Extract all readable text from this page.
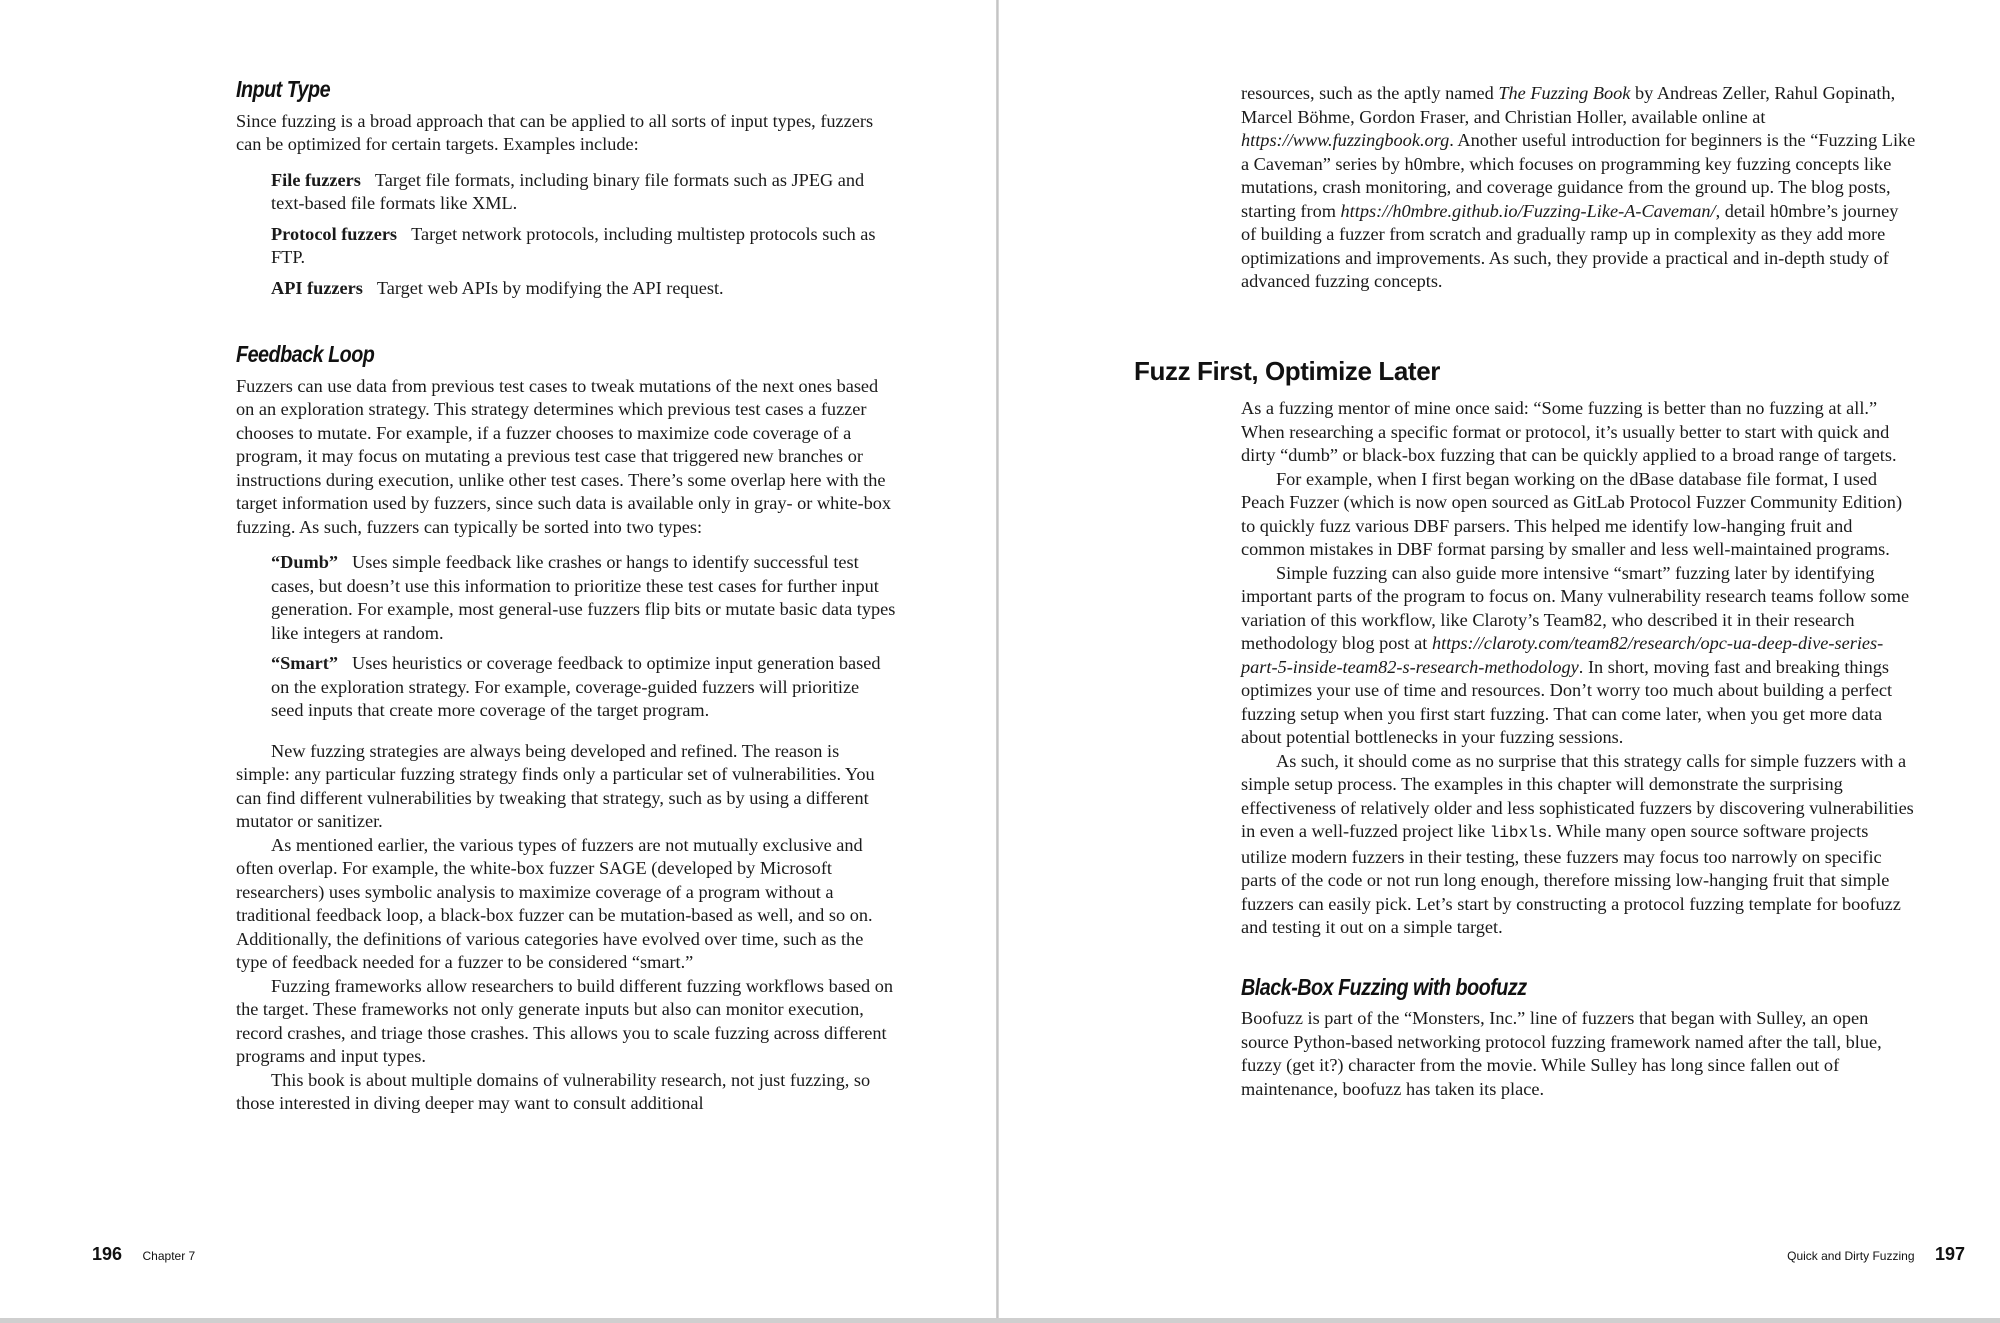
Input Type

Since fuzzing is a broad approach that can be applied to all sorts of input types, fuzzers can be optimized for certain targets. Examples include:

File fuzzers Target file formats, including binary file formats such as JPEG and text-based file formats like XML.
Protocol fuzzers Target network protocols, including multistep protocols such as FTP.
API fuzzers Target web APIs by modifying the API request.
Feedback Loop

Fuzzers can use data from previous test cases to tweak mutations of the next ones based on an exploration strategy. This strategy determines which previous test cases a fuzzer chooses to mutate. For example, if a fuzzer chooses to maximize code coverage of a program, it may focus on mutating a previous test case that triggered new branches or instructions during execution, unlike other test cases. There’s some overlap here with the target information used by fuzzers, since such data is available only in gray- or white-box fuzzing. As such, fuzzers can typically be sorted into two types:

“Dumb” Uses simple feedback like crashes or hangs to identify successful test cases, but doesn’t use this information to prioritize these test cases for further input generation. For example, most general-use fuzzers flip bits or mutate basic data types like integers at random.
“Smart” Uses heuristics or coverage feedback to optimize input generation based on the exploration strategy. For example, coverage-guided fuzzers will prioritize seed inputs that create more coverage of the target program.

New fuzzing strategies are always being developed and refined. The reason is simple: any particular fuzzing strategy finds only a particular set of vulnerabilities. You can find different vulnerabilities by tweaking that strategy, such as by using a different mutator or sanitizer.

As mentioned earlier, the various types of fuzzers are not mutually exclusive and often overlap. For example, the white-box fuzzer SAGE (developed by Microsoft researchers) uses symbolic analysis to maximize coverage of a program without a traditional feedback loop, a black-box fuzzer can be mutation-based as well, and so on. Additionally, the definitions of various categories have evolved over time, such as the type of feedback needed for a fuzzer to be considered “smart.”

Fuzzing frameworks allow researchers to build different fuzzing workflows based on the target. These frameworks not only generate inputs but also can monitor execution, record crashes, and triage those crashes. This allows you to scale fuzzing across different programs and input types.

This book is about multiple domains of vulnerability research, not just fuzzing, so those interested in diving deeper may want to consult additional

196 Chapter 7

resources, such as the aptly named The Fuzzing Book by Andreas Zeller, Rahul Gopinath, Marcel Böhme, Gordon Fraser, and Christian Holler, available online at https://www.fuzzingbook.org. Another useful introduction for beginners is the “Fuzzing Like a Caveman” series by h0mbre, which focuses on programming key fuzzing concepts like mutations, crash monitoring, and coverage guidance from the ground up. The blog posts, starting from https://h0mbre.github.io/Fuzzing-Like-A-Caveman/, detail h0mbre’s journey of building a fuzzer from scratch and gradually ramp up in complexity as they add more optimizations and improvements. As such, they provide a practical and in-depth study of advanced fuzzing concepts.

Fuzz First, Optimize Later

As a fuzzing mentor of mine once said: “Some fuzzing is better than no fuzzing at all.” When researching a specific format or protocol, it’s usually better to start with quick and dirty “dumb” or black-box fuzzing that can be quickly applied to a broad range of targets.

For example, when I first began working on the dBase database file format, I used Peach Fuzzer (which is now open sourced as GitLab Protocol Fuzzer Community Edition) to quickly fuzz various DBF parsers. This helped me identify low-hanging fruit and common mistakes in DBF format parsing by smaller and less well-maintained programs.

Simple fuzzing can also guide more intensive “smart” fuzzing later by identifying important parts of the program to focus on. Many vulnerability research teams follow some variation of this workflow, like Claroty’s Team82, who described it in their research methodology blog post at https://claroty.com/team82/research/opc-ua-deep-dive-series-part-5-inside-team82-s-research-methodology. In short, moving fast and breaking things optimizes your use of time and resources. Don’t worry too much about building a perfect fuzzing setup when you first start fuzzing. That can come later, when you get more data about potential bottlenecks in your fuzzing sessions.

As such, it should come as no surprise that this strategy calls for simple fuzzers with a simple setup process. The examples in this chapter will demonstrate the surprising effectiveness of relatively older and less sophisticated fuzzers by discovering vulnerabilities in even a well-fuzzed project like libxls. While many open source software projects utilize modern fuzzers in their testing, these fuzzers may focus too narrowly on specific parts of the code or not run long enough, therefore missing low-hanging fruit that simple fuzzers can easily pick. Let’s start by constructing a protocol fuzzing template for boofuzz and testing it out on a simple target.

Black-Box Fuzzing with boofuzz

Boofuzz is part of the “Monsters, Inc.” line of fuzzers that began with Sulley, an open source Python-based networking protocol fuzzing framework named after the tall, blue, fuzzy (get it?) character from the movie. While Sulley has long since fallen out of maintenance, boofuzz has taken its place.

Quick and Dirty Fuzzing 197
